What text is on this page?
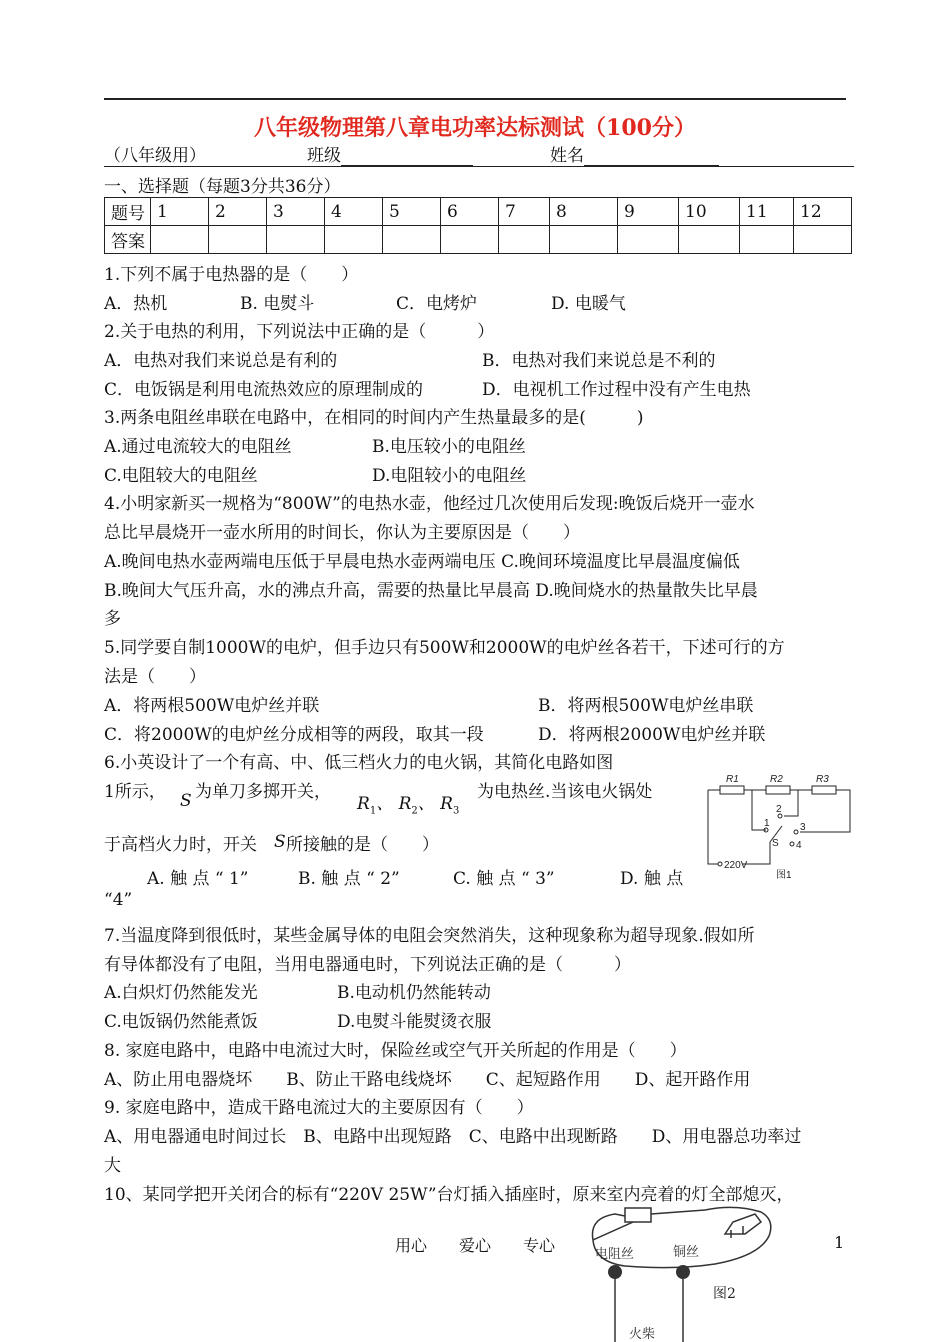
八年级物理第八章电功率达标测试（100分）
（八年级用）	班级	姓名
一、选择题（每题3分共36分）
题号	1	2	3	4	5	6	7	8	9	10	11	12
答案												
1.下列不属于电热器的是（　　）
A．热机	B. 电熨斗	C．电烤炉	D. 电暖气
2.关于电热的利用，下列说法中正确的是（　　　）
A．电热对我们来说总是有利的	B．电热对我们来说总是不利的
C．电饭锅是利用电流热效应的原理制成的	D．电视机工作过程中没有产生电热
3.两条电阻丝串联在电路中，在相同的时间内产生热量最多的是(　　　)
A.通过电流较大的电阻丝	B.电压较小的电阻丝
C.电阻较大的电阻丝	D.电阻较小的电阻丝
4.小明家新买一规格为“800W”的电热水壶，他经过几次使用后发现:晚饭后烧开一壶水
总比早晨烧开一壶水所用的时间长，你认为主要原因是（　　）
A.晚间电热水壶两端电压低于早晨电热水壶两端电压 C.晚间环境温度比早晨温度偏低
B.晚间大气压升高，水的沸点升高，需要的热量比早晨高 D.晚间烧水的热量散失比早晨
多
5.同学要自制1000W的电炉，但手边只有500W和2000W的电炉丝各若干，下述可行的方
法是（　　）
A．将两根500W电炉丝并联	B．将两根500W电炉丝串联
C．将2000W的电炉丝分成相等的两段，取其一段	D．将两根2000W电炉丝并联
6.小英设计了一个有高、中、低三档火力的电火锅，其简化电路如图
1所示， S 为单刀多掷开关，
$R_1$、 $R_2$、 $R_3$
为电热丝.当该电火锅处
于高档火力时，开关 S 所接触的是（　　）
A. 触 点 “ 1”	B. 触 点 “ 2”	C. 触 点 “ 3”	D. 触 点
“4”
R1	R2	R3
1
2
3
4
S
220V
图1
7.当温度降到很低时，某些金属导体的电阻会突然消失，这种现象称为超导现象.假如所
有导体都没有了电阻，当用电器通电时，下列说法正确的是（　　　）
A.白炽灯仍然能发光	B.电动机仍然能转动
C.电饭锅仍然能煮饭	D.电熨斗能熨烫衣服
8. 家庭电路中，电路中电流过大时，保险丝或空气开关所起的作用是（　　）
A、防止用电器烧坏　　B、防止干路电线烧坏　　C、起短路作用　　D、起开路作用
9. 家庭电路中，造成干路电流过大的主要原因有（　　）
A、用电器通电时间过长　B、电路中出现短路　C、电路中出现断路　　D、用电器总功率过
大
10、某同学把开关闭合的标有“220V 25W”台灯插入插座时，原来室内亮着的灯全部熄灭，
电阻丝	铜丝
火柴
图2
用心　　爱心　　专心	1
